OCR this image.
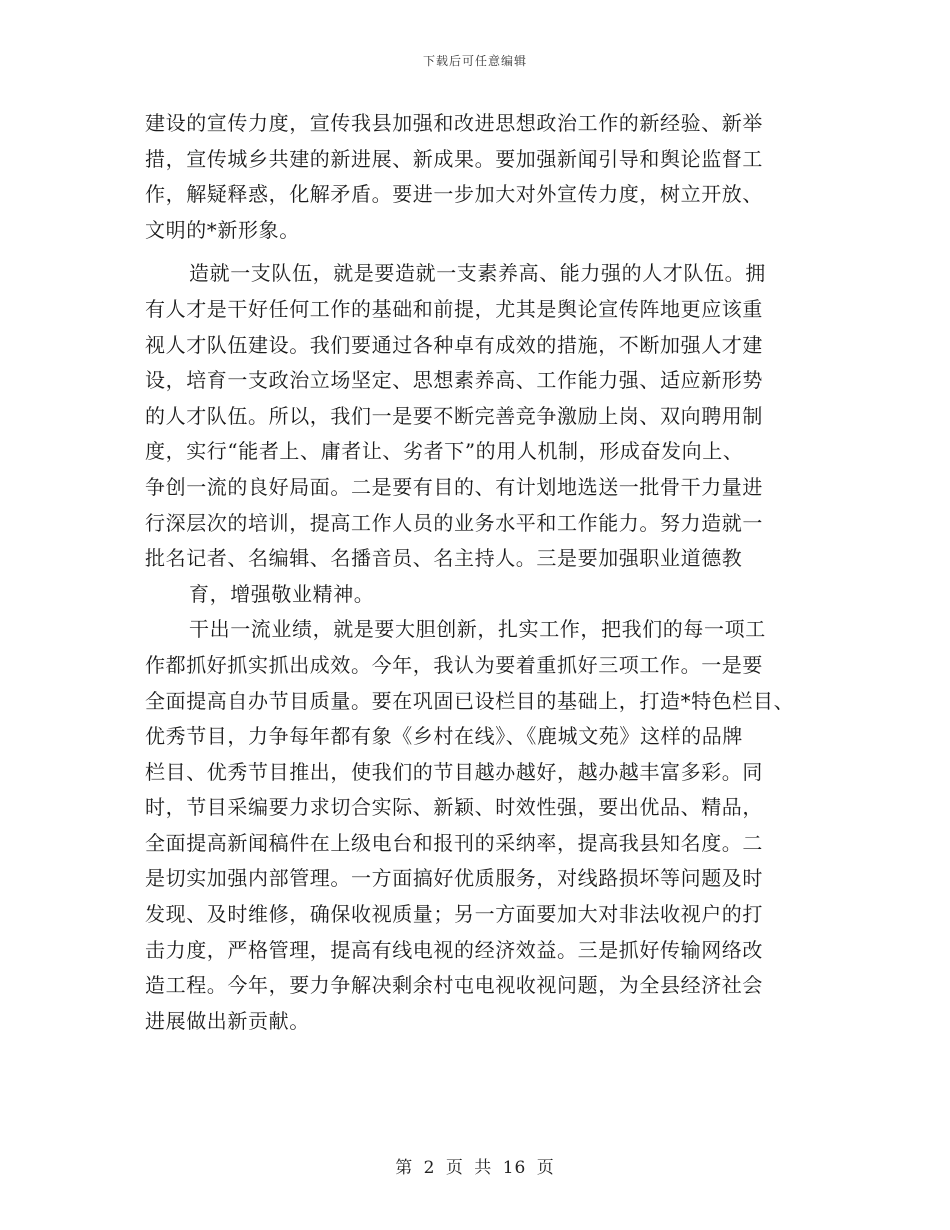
下载后可任意编辑
建设的宣传力度，宣传我县加强和改进思想政治工作的新经验、新举
措，宣传城乡共建的新进展、新成果。要加强新闻引导和舆论监督工
作，解疑释惑，化解矛盾。要进一步加大对外宣传力度，树立开放、
文明的*新形象。
造就一支队伍，就是要造就一支素养高、能力强的人才队伍。拥
有人才是干好任何工作的基础和前提，尤其是舆论宣传阵地更应该重
视人才队伍建设。我们要通过各种卓有成效的措施，不断加强人才建
设，培育一支政治立场坚定、思想素养高、工作能力强、适应新形势
的人才队伍。所以，我们一是要不断完善竞争激励上岗、双向聘用制
度，实行“能者上、庸者让、劣者下”的用人机制，形成奋发向上、
争创一流的良好局面。二是要有目的、有计划地选送一批骨干力量进
行深层次的培训，提高工作人员的业务水平和工作能力。努力造就一
批名记者、名编辑、名播音员、名主持人。三是要加强职业道德教
育，增强敬业精神。
干出一流业绩，就是要大胆创新，扎实工作，把我们的每一项工
作都抓好抓实抓出成效。今年，我认为要着重抓好三项工作。一是要
全面提高自办节目质量。要在巩固已设栏目的基础上，打造*特色栏目、
优秀节目，力争每年都有象《乡村在线》、《鹿城文苑》这样的品牌
栏目、优秀节目推出，使我们的节目越办越好，越办越丰富多彩。同
时，节目采编要力求切合实际、新颖、时效性强，要出优品、精品，
全面提高新闻稿件在上级电台和报刊的采纳率，提高我县知名度。二
是切实加强内部管理。一方面搞好优质服务，对线路损坏等问题及时
发现、及时维修，确保收视质量；另一方面要加大对非法收视户的打
击力度，严格管理，提高有线电视的经济效益。三是抓好传输网络改
造工程。今年，要力争解决剩余村屯电视收视问题，为全县经济社会
进展做出新贡献。
第 2 页 共 16 页
